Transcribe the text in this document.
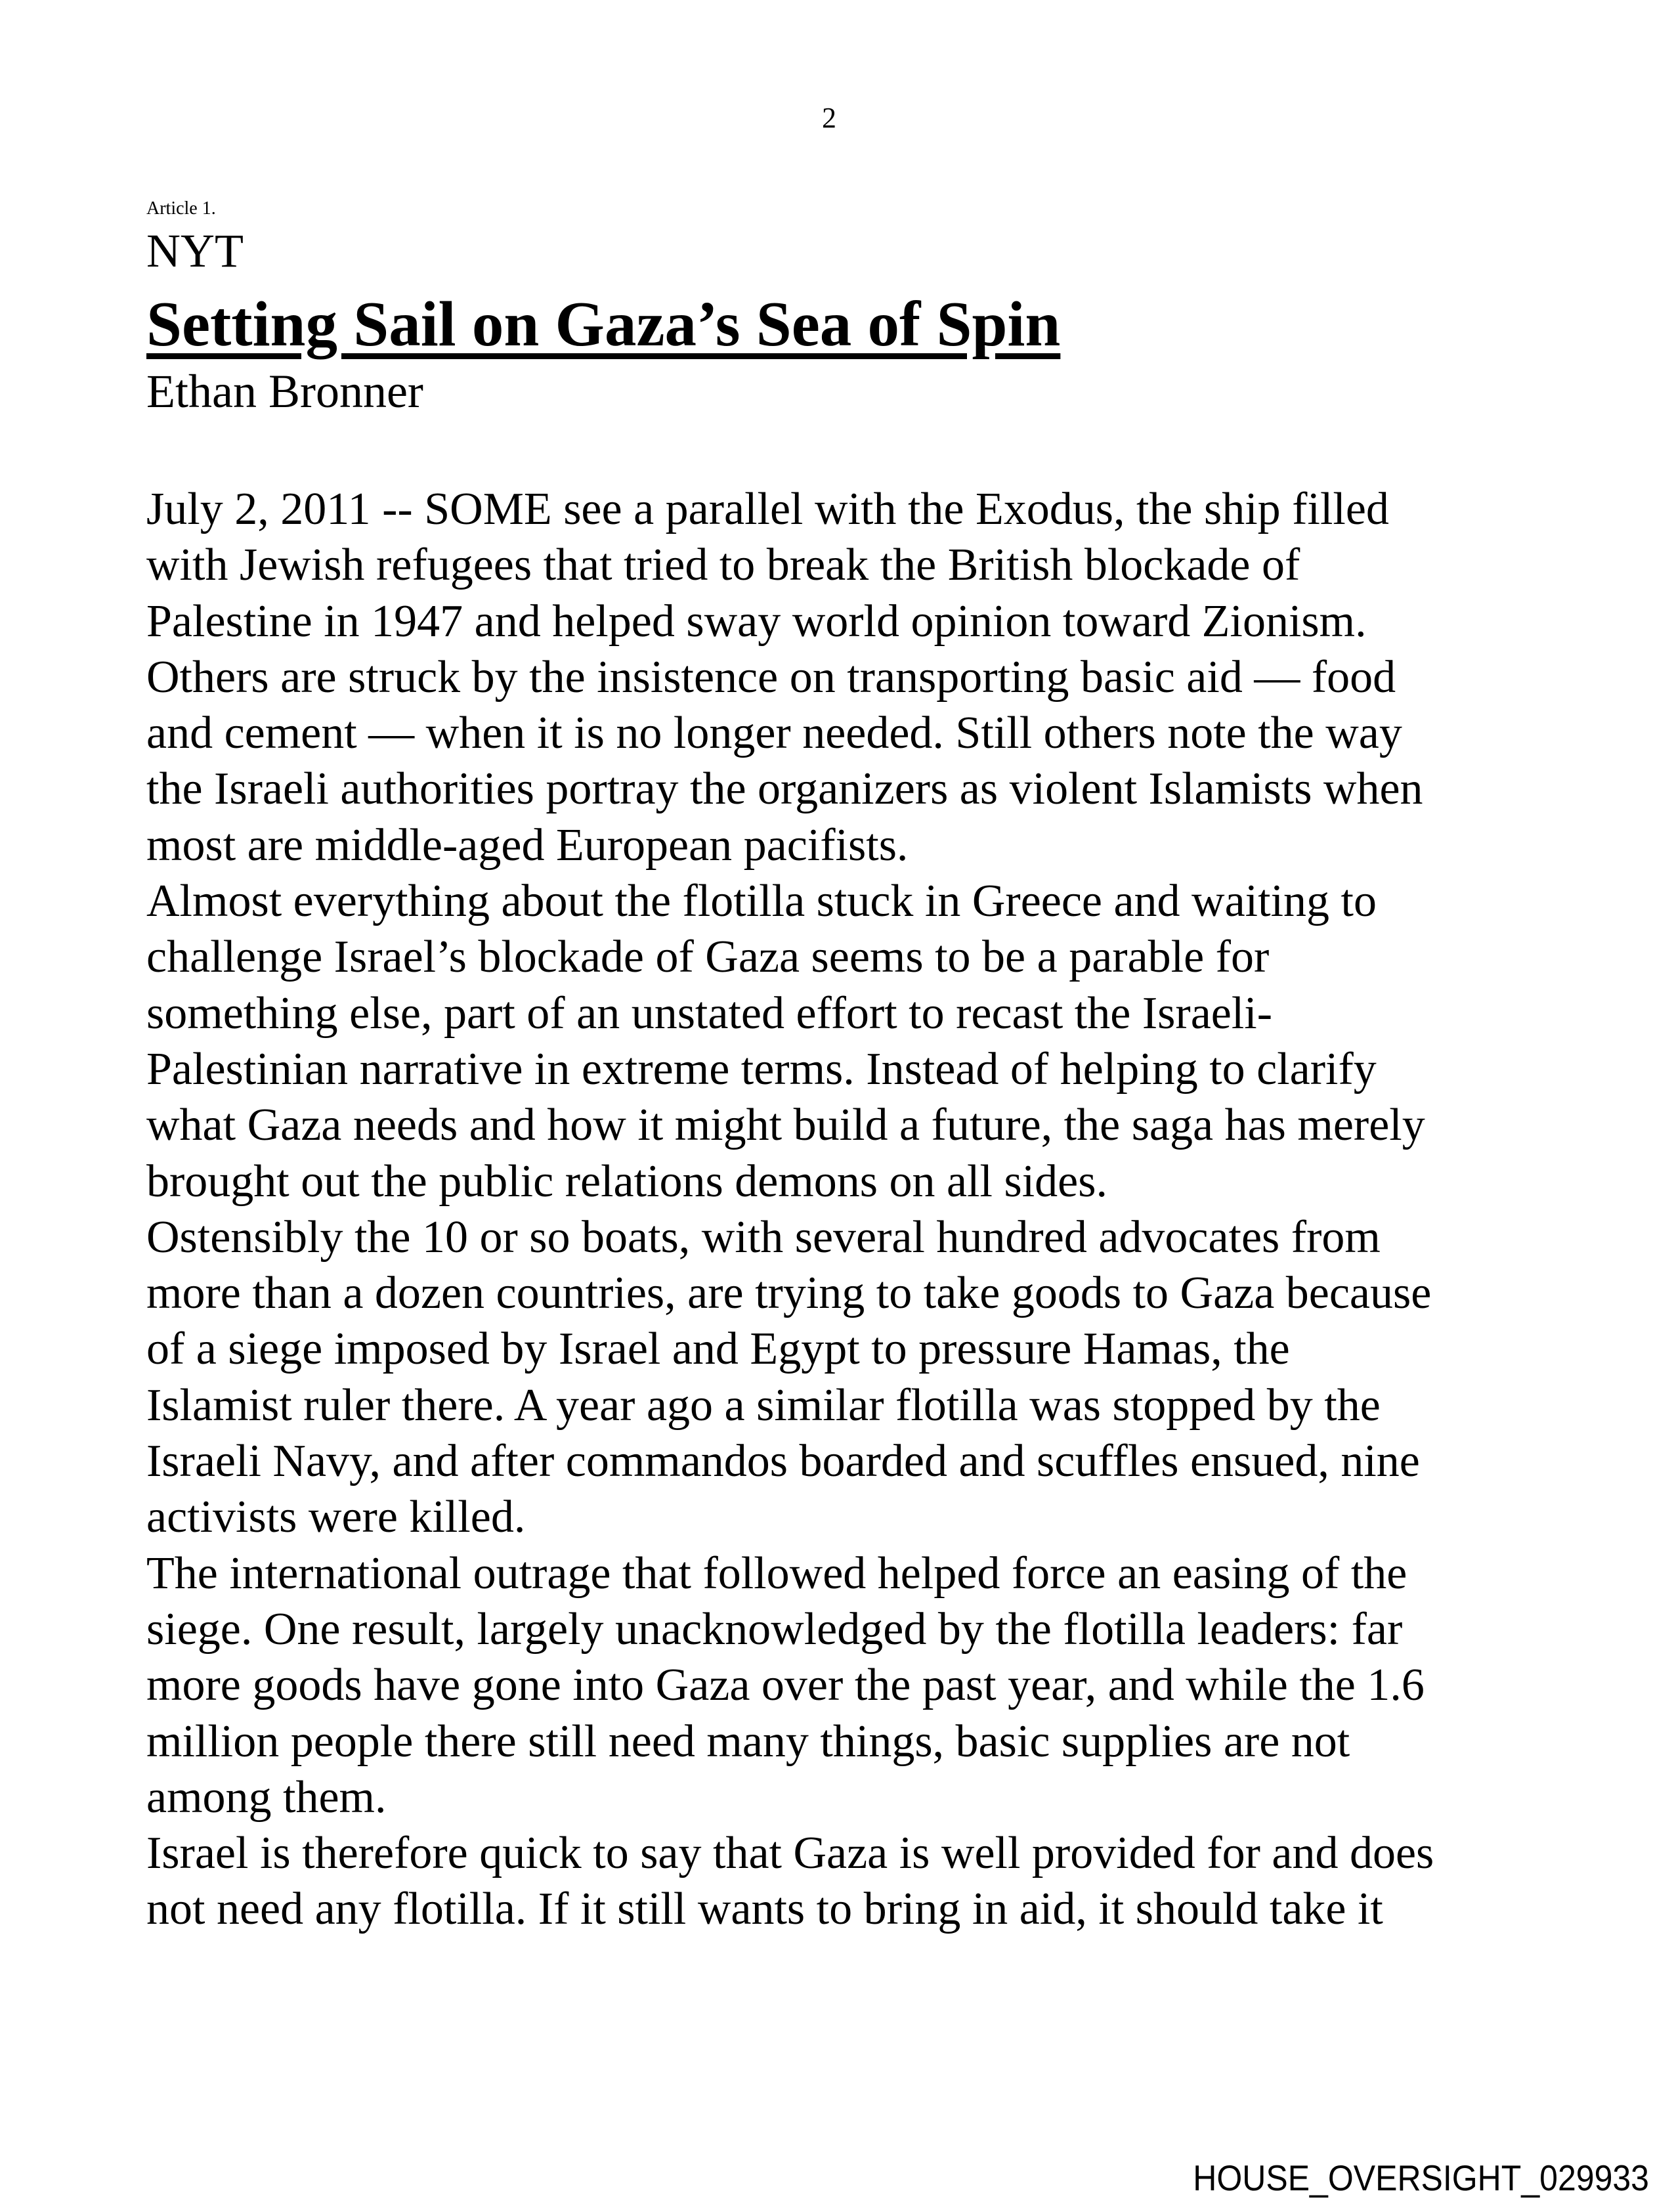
2
Article 1.
NYT
Setting Sail on Gaza’s Sea of Spin
Ethan Bronner
July 2, 2011 -- SOME see a parallel with the Exodus, the ship filled
with Jewish refugees that tried to break the British blockade of
Palestine in 1947 and helped sway world opinion toward Zionism.
Others are struck by the insistence on transporting basic aid — food
and cement — when it is no longer needed. Still others note the way
the Israeli authorities portray the organizers as violent Islamists when
most are middle-aged European pacifists.
Almost everything about the flotilla stuck in Greece and waiting to
challenge Israel’s blockade of Gaza seems to be a parable for
something else, part of an unstated effort to recast the Israeli-
Palestinian narrative in extreme terms. Instead of helping to clarify
what Gaza needs and how it might build a future, the saga has merely
brought out the public relations demons on all sides.
Ostensibly the 10 or so boats, with several hundred advocates from
more than a dozen countries, are trying to take goods to Gaza because
of a siege imposed by Israel and Egypt to pressure Hamas, the
Islamist ruler there. A year ago a similar flotilla was stopped by the
Israeli Navy, and after commandos boarded and scuffles ensued, nine
activists were killed.
The international outrage that followed helped force an easing of the
siege. One result, largely unacknowledged by the flotilla leaders: far
more goods have gone into Gaza over the past year, and while the 1.6
million people there still need many things, basic supplies are not
among them.
Israel is therefore quick to say that Gaza is well provided for and does
not need any flotilla. If it still wants to bring in aid, it should take it
HOUSE_OVERSIGHT_029933
